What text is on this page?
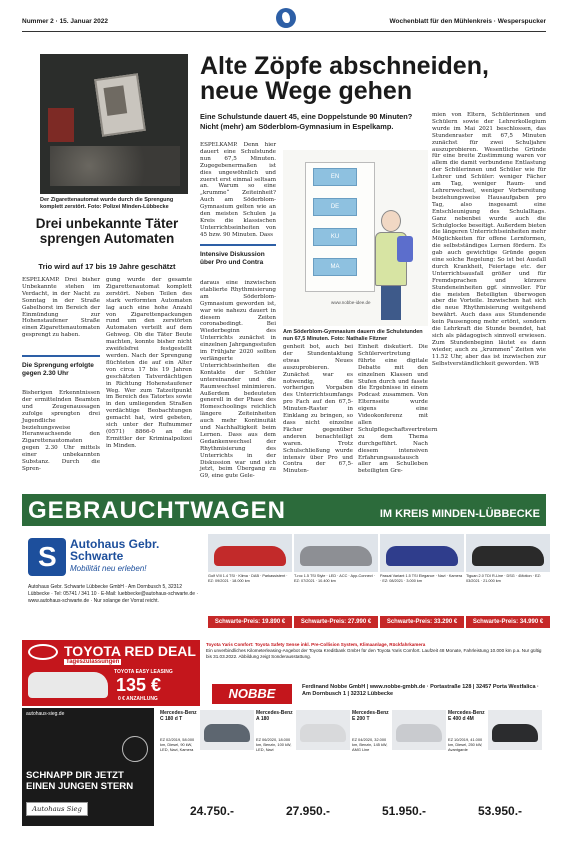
Nummer 2 · 15. Januar 2022	Wochenblatt für den Mühlenkreis · Wesperspucker
Der Zigarettenautomat wurde durch die Sprengung komplett zerstört. Foto: Polizei Minden-Lübbecke
Drei unbekannte Täter sprengen Automaten
Trio wird auf 17 bis 19 Jahre geschätzt
ESPELKAMP. Drei bisher Unbekannte stehen im Verdacht, in der Nacht zu Sonntag in der Straße Gabelhorst im Bereich der Einmündung zur Hohenstaufener Straße einen Zigarettenautomaten gesprengt zu haben.
Die Sprengung erfolgte gegen 2.30 Uhr
Bisherigen Erkenntnissen der ermittelnden Beamten und Zeugenaussagen zufolge sprengten drei Jugendliche beziehungsweise Heranwachsende den Zigarettenautomaten gegen 2.30 Uhr mittels einer unbekannten Substanz. Durch die Spren-
gung wurde der gesamte Zigarettenautomat komplett zerstört. Neben Teilen des stark verformten Automaten lag auch eine hohe Anzahl von Zigarettenpackungen rund um den zerstörten Automaten verteilt auf dem Gehweg. Ob die Täter Beute machten, konnte bisher nicht zweifelsfrei festgestellt werden. Nach der Sprengung flüchteten die auf ein Alter von circa 17 bis 19 Jahren geschätzten Tatverdächtigen in Richtung Hohenstaufener Weg. Wer zum Tatzeitpunkt im Bereich des Tatortes sowie in den umliegenden Straßen verdächtige Beobachtungen gemacht hat, wird gebeten, sich unter der Rufnummer (0571) 8866-0 an die Ermittler der Kriminalpolizei in Minden.
Alte Zöpfe abschneiden, neue Wege gehen
Eine Schulstunde dauert 45, eine Doppelstunde 90 Minuten? Nicht (mehr) am Söderblom-Gymnasium in Espelkamp.
ESPELKAMP. Denn hier dauert eine Schulstunde nun 67,5 Minuten. Zugegebenermaßen ist dies ungewöhnlich und zuerst erst einmal seltsam an. Warum so eine „krumme“ Zeiteinheit? Auch am Söderblom-Gymnasium gelten wie an den meisten Schulen ja Kreis die klassischen Unterrichtseinheiten von 45 bzw. 90 Minuten. Dass
Intensive Diskussion über Pro und Contra
daraus eine inzwischen etablierte Rhythmisierung am Söderblom-Gymnasium geworden ist, war wie nahezu dauert in diesem Zeiten coronabedingt. Bei Wiederbeginn des Unterrichts zunächst in einzelnen Jahrgangsstufen im Frühjahr 2020 sollten verlängerte Unterrichtseinheiten die Kontakte der Schüler untereinander und die Raumwechsel minimieren. Außerdem bedeuteten generell in der Phase des Homeschoolings reichlich längere Zeiteinheiten auch mehr Kontinuität und Nachhaltigkeit beim Lernen. Dass aus dem Gedankenwechsel der Rhythmisierung des Unterrichts in der Diskussion war und sich jetzt, beim Übergang zu G9, eine gute Gele-
EN
DE
KU
MA
www.nobbe-idee.de
Am Söderblom-Gymnasium dauern die Schulstunden nun 67,5 Minuten. Foto: Nathalie Fitzner
genheit bot, auch bei der Stundentaktung etwas Neues auszuprobieren. Zunächst war es notwendig, die vorherigen Vorgaben des Unterrichtsumfangs pro Fach auf den 67,5-Minuten-Raster in Einklang zu bringen, so dass nicht einzelne Fächer gegenüber anderen benachteiligt waren. Trotz Schulschließung wurde intensiv über Pro und Contra der 67,5-Minuten-
Einheit diskutiert. Die Schülervertretung führte eine digitale Debatte mit den einzelnen Klassen und Stufen durch und fasste die Ergebnisse in einem Podcast zusammen. Von Elternseite wurde eigens eine Videokonferenz mit allen Schulpflegschaftsvertretern zu dem Thema durchgeführt. Nach diesem intensiven Erfahrungsaustausch aller am Schulleben beteiligten Gre-
mien von Eltern, Schülerinnen und Schülern sowie der Lehrerkollegium wurde im Mai 2021 beschlossen, das Stundenraster mit 67,5 Minuten zunächst für zwei Schuljahre auszuprobieren. Wesentliche Gründe für eine breite Zustimmung waren vor allem die damit verbundene Entlastung der Schülerinnen und Schüler wie für Lehrer und Schüler: weniger Fächer am Tag, weniger Raum- und Lehrerwechsel, weniger Vorbereitung beziehungsweise Hausaufgaben pro Tag, also insgesamt eine Entschleunigung des Schulalltags. Ganz nebenbei wurde auch die Schulglocke beseitigt. Außerdem bieten die längeren Unterrichtseinheiten mehr Möglichkeiten für offene Lernformen, die selbstständiges Lernen fördern. Es gab auch gewichtige Gründe gegen eine solche Regelung: So ist bei Ausfall durch Krankheit, Feiertage etc. der Unterrichtsausfall größer und für Fremdsprachen und kürzere Stundeneinheiten ggf. sinnvoller. Für die meisten Beteiligten überwogen aber die Vorteile. Inzwischen hat sich die neue Rhythmisierung weitgehend bewährt. Auch dass aus Stundenende kein Pausengong mehr ertönt, sondern die Lehrkraft die Stunde beendet, hat sich als pädagogisch sinnvoll erwiesen. Zum Stundenbeginn läutet es dann wieder, auch zu „krummen“ Zeiten wie 11.52 Uhr, aber das ist inzwischen zur Selbstverständlichkeit geworden. WB
GEBRAUCHTWAGEN	IM KREIS MINDEN-LÜBBECKE
S
Autohaus Gebr. Schwarte
Mobilität neu erleben!
Autohaus Gebr. Schwarte Lübbecke GmbH · Am Dornbusch 5, 32312 Lübbecke · Tel: 05741 / 341 10 · E-Mail: luebbecke@autohaus-schwarte.de · www.autohaus-schwarte.de · Nur solange der Vorrat reicht.
Golf VIII 1.4 TSI · Klima · DAB · Parkassistent · EZ: 09/2021 · 18.000 km
Schwarte-Preis: 19.890 €
T-roc 1.5 TSI Style · LED · ACC · App-Connect · EZ: 07/2021 · 10.400 km
Schwarte-Preis: 27.990 €
Passat Variant 1.5 TSI Elegance · Navi · Kamera · EZ: 08/2021 · 3.000 km
Schwarte-Preis: 33.290 €
Tiguan 2.0 TDI R-Line · DSG · 4Motion · EZ: 03/2021 · 21.000 km
Schwarte-Preis: 34.990 €
TOYOTA RED DEAL
Tageszulassungen
TOYOTA EASY LEASING
135 €
0 € ANZAHLUNG
Toyota Yaris Comfort: Toyota Safety Sense inkl. Pre-Collision System, Klimaanlage, Rückfahrkamera
Ein unverbindliches Kilometerleasing-Angebot der Toyota Kreditbank GmbH für den Toyota Yaris Comfort. Laufzeit 48 Monate, Fahrleistung 10.000 km p.a. Nur gültig bis 31.03.2022. Abbildung zeigt Sonderausstattung.
NOBBE	Ferdinand Nobbe GmbH | www.nobbe-gmbh.de · Portastraße 128 | 32457 Porta Westfalica · Am Dornbusch 1 | 32312 Lübbecke
autohaus-sieg.de
SCHNAPP DIR JETZT EINEN JUNGEN STERN
Autohaus Sieg
Mercedes-Benz C 180 d T
EZ 02/2019, 58.000 km, Diesel, 90 kW, LED, Navi, Kamera
24.750.-
Mercedes-Benz A 180
EZ 06/2020, 18.000 km, Benzin, 100 kW, LED, Navi
27.950.-
Mercedes-Benz E 200 T
EZ 04/2020, 32.000 km, Benzin, 145 kW, AMG Line
51.950.-
Mercedes-Benz E 400 d 4M
EZ 10/2019, 41.000 km, Diesel, 250 kW, Avantgarde
53.950.-
